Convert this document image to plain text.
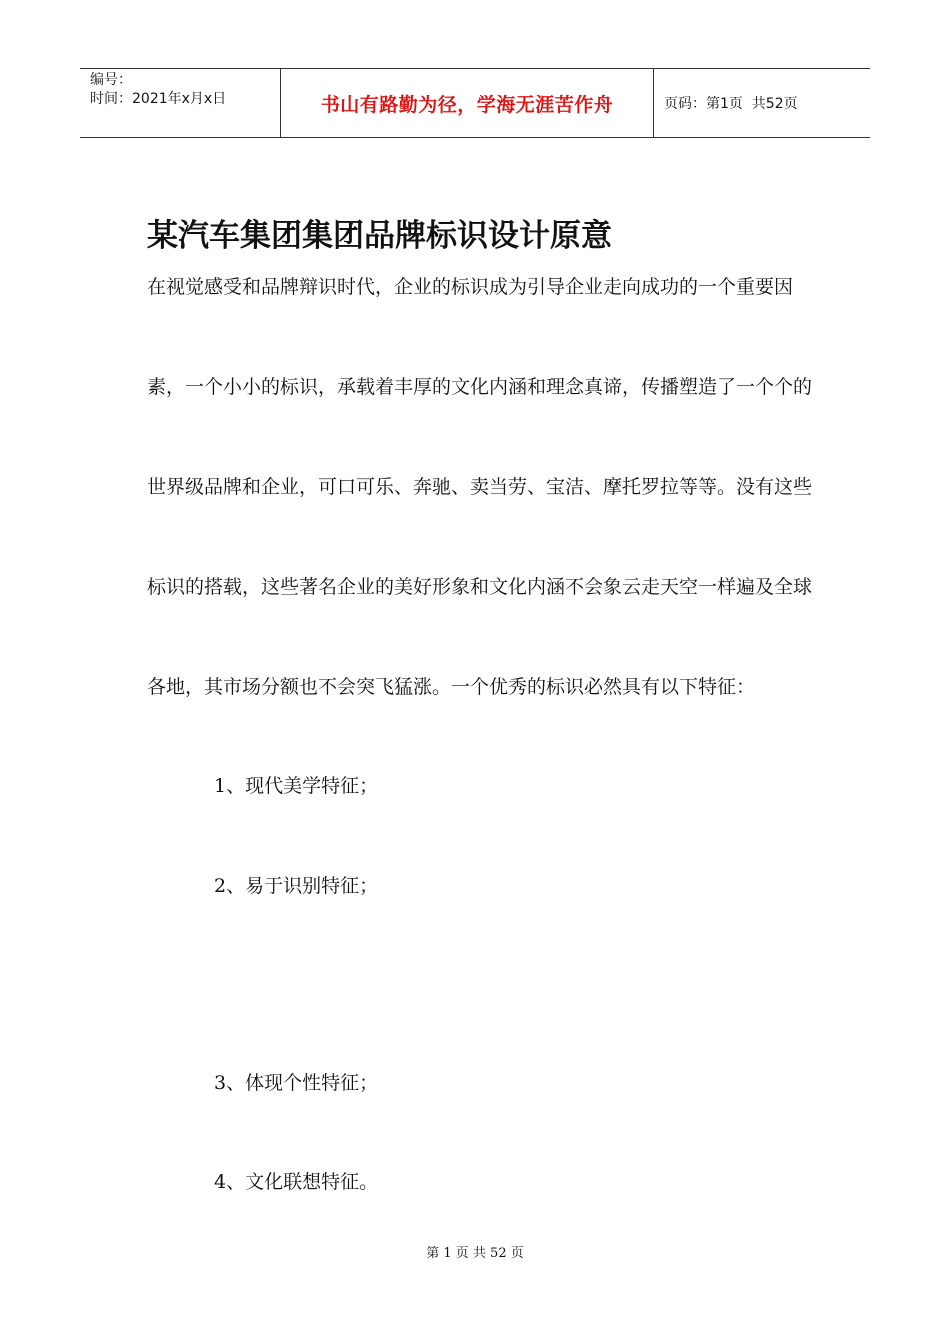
编号：
时间：2021年x月x日	书山有路勤为径，学海无涯苦作舟	页码：第1页  共52页
某汽车集团集团品牌标识设计原意
在视觉感受和品牌辩识时代，企业的标识成为引导企业走向成功的一个重要因
素，一个小小的标识，承载着丰厚的文化内涵和理念真谛，传播塑造了一个个的
世界级品牌和企业，可口可乐、奔驰、卖当劳、宝洁、摩托罗拉等等。没有这些
标识的搭载，这些著名企业的美好形象和文化内涵不会象云走天空一样遍及全球
各地，其市场分额也不会突飞猛涨。一个优秀的标识必然具有以下特征：
1、现代美学特征；
2、易于识别特征；
3、体现个性特征；
4、文化联想特征。
第 1 页 共 52 页
